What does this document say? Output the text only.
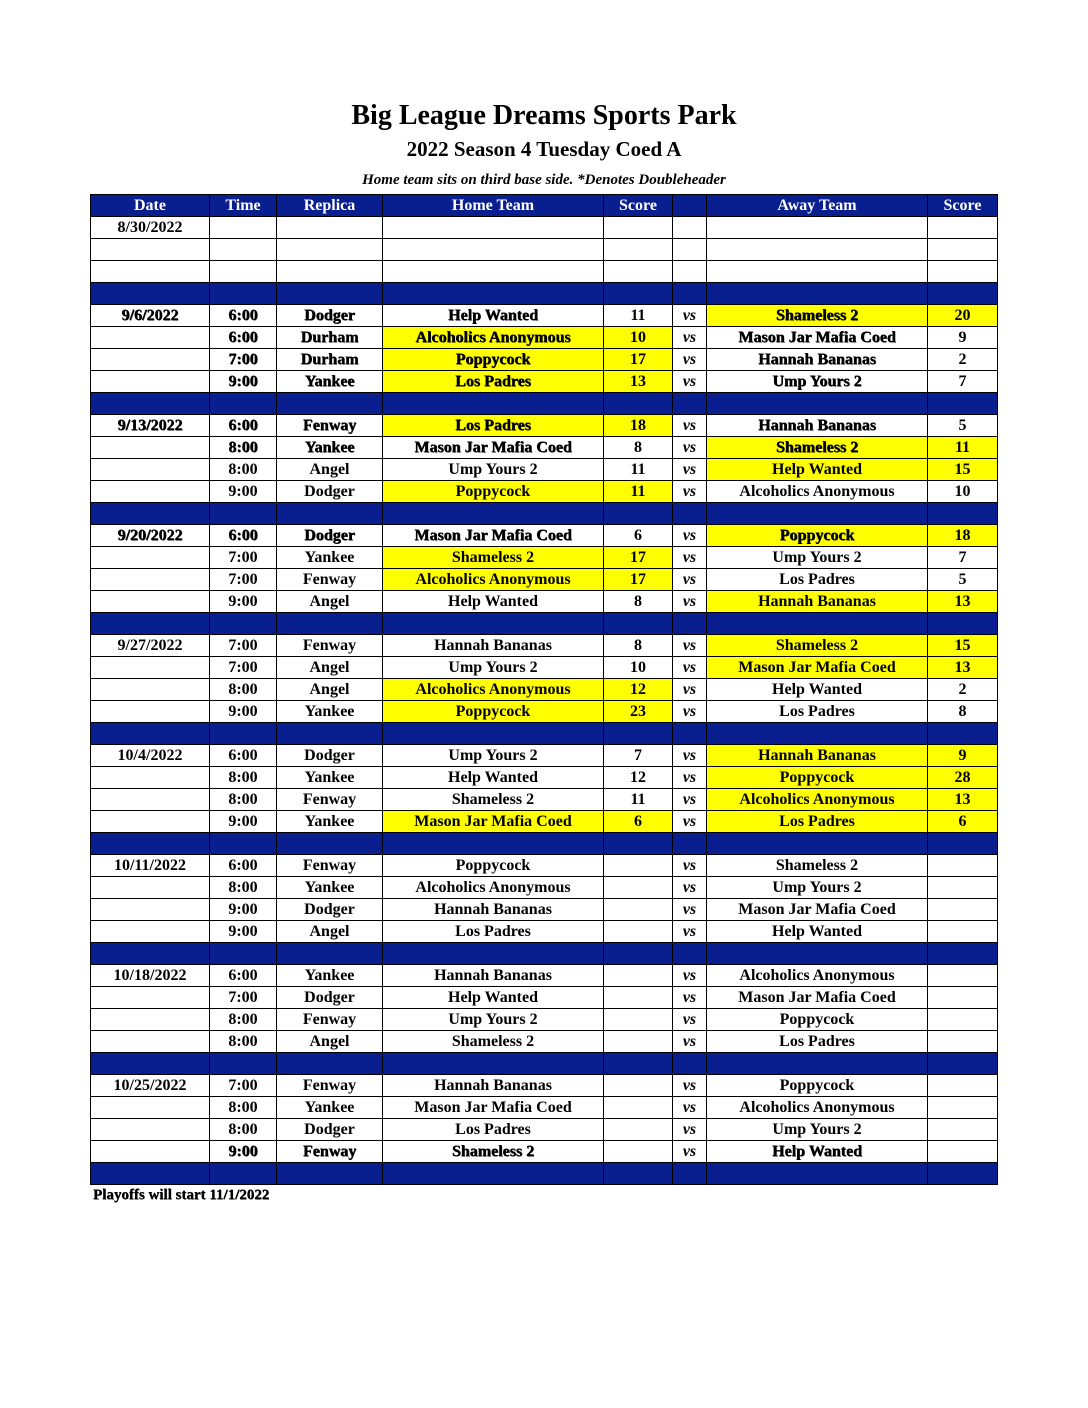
Big League Dreams Sports Park
2022 Season 4 Tuesday Coed A
Home team sits on third base side. *Denotes Doubleheader
Date	Time	Replica	Home Team	Score		Away Team	Score
8/30/2022							

9/6/2022	6:00	Dodger	Help Wanted	11	vs	Shameless 2	20
	6:00	Durham	Alcoholics Anonymous	10	vs	Mason Jar Mafia Coed	9
	7:00	Durham	Poppycock	17	vs	Hannah Bananas	2
	9:00	Yankee	Los Padres	13	vs	Ump Yours 2	7

9/13/2022	6:00	Fenway	Los Padres	18	vs	Hannah Bananas	5
	8:00	Yankee	Mason Jar Mafia Coed	8	vs	Shameless 2	11
	8:00	Angel	Ump Yours 2	11	vs	Help Wanted	15
	9:00	Dodger	Poppycock	11	vs	Alcoholics Anonymous	10

9/20/2022	6:00	Dodger	Mason Jar Mafia Coed	6	vs	Poppycock	18
	7:00	Yankee	Shameless 2	17	vs	Ump Yours 2	7
	7:00	Fenway	Alcoholics Anonymous	17	vs	Los Padres	5
	9:00	Angel	Help Wanted	8	vs	Hannah Bananas	13

9/27/2022	7:00	Fenway	Hannah Bananas	8	vs	Shameless 2	15
	7:00	Angel	Ump Yours 2	10	vs	Mason Jar Mafia Coed	13
	8:00	Angel	Alcoholics Anonymous	12	vs	Help Wanted	2
	9:00	Yankee	Poppycock	23	vs	Los Padres	8

10/4/2022	6:00	Dodger	Ump Yours 2	7	vs	Hannah Bananas	9
	8:00	Yankee	Help Wanted	12	vs	Poppycock	28
	8:00	Fenway	Shameless 2	11	vs	Alcoholics Anonymous	13
	9:00	Yankee	Mason Jar Mafia Coed	6	vs	Los Padres	6

10/11/2022	6:00	Fenway	Poppycock		vs	Shameless 2	
	8:00	Yankee	Alcoholics Anonymous		vs	Ump Yours 2	
	9:00	Dodger	Hannah Bananas		vs	Mason Jar Mafia Coed	
	9:00	Angel	Los Padres		vs	Help Wanted	

10/18/2022	6:00	Yankee	Hannah Bananas		vs	Alcoholics Anonymous	
	7:00	Dodger	Help Wanted		vs	Mason Jar Mafia Coed	
	8:00	Fenway	Ump Yours 2		vs	Poppycock	
	8:00	Angel	Shameless 2		vs	Los Padres	

10/25/2022	7:00	Fenway	Hannah Bananas		vs	Poppycock	
	8:00	Yankee	Mason Jar Mafia Coed		vs	Alcoholics Anonymous	
	8:00	Dodger	Los Padres		vs	Ump Yours 2	
	9:00	Fenway	Shameless 2		vs	Help Wanted	

Playoffs will start 11/1/2022
